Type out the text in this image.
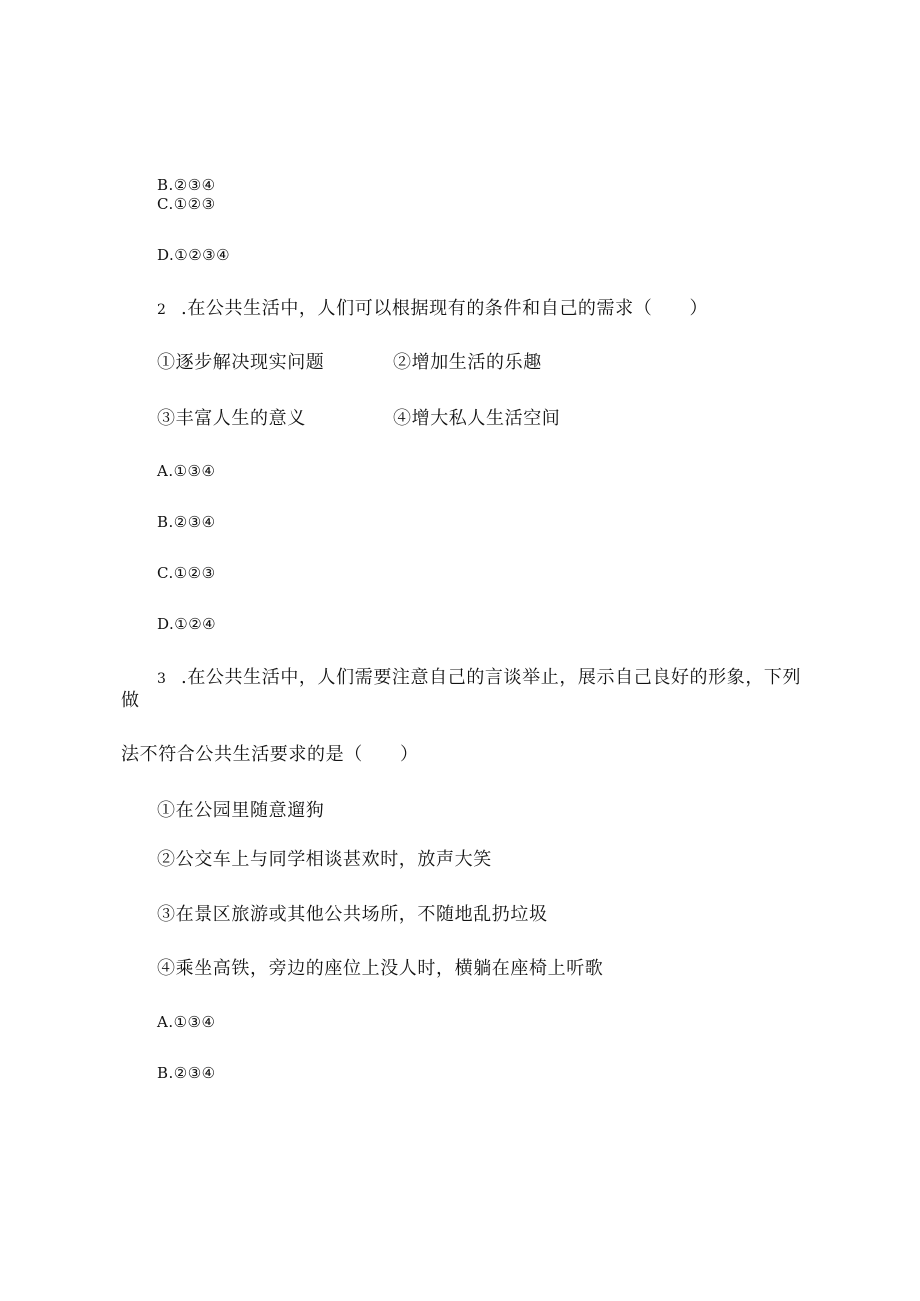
B.②③④
C.①②③
D.①②③④
2 .在公共生活中，人们可以根据现有的条件和自己的需求（　　）
①逐步解决现实问题	②增加生活的乐趣
③丰富人生的意义	④增大私人生活空间
A.①③④
B.②③④
C.①②③
D.①②④
3 .在公共生活中，人们需要注意自己的言谈举止，展示自己良好的形象，下列
做
法不符合公共生活要求的是（　　）
①在公园里随意遛狗
②公交车上与同学相谈甚欢时，放声大笑
③在景区旅游或其他公共场所，不随地乱扔垃圾
④乘坐高铁，旁边的座位上没人时，横躺在座椅上听歌
A.①③④
B.②③④
